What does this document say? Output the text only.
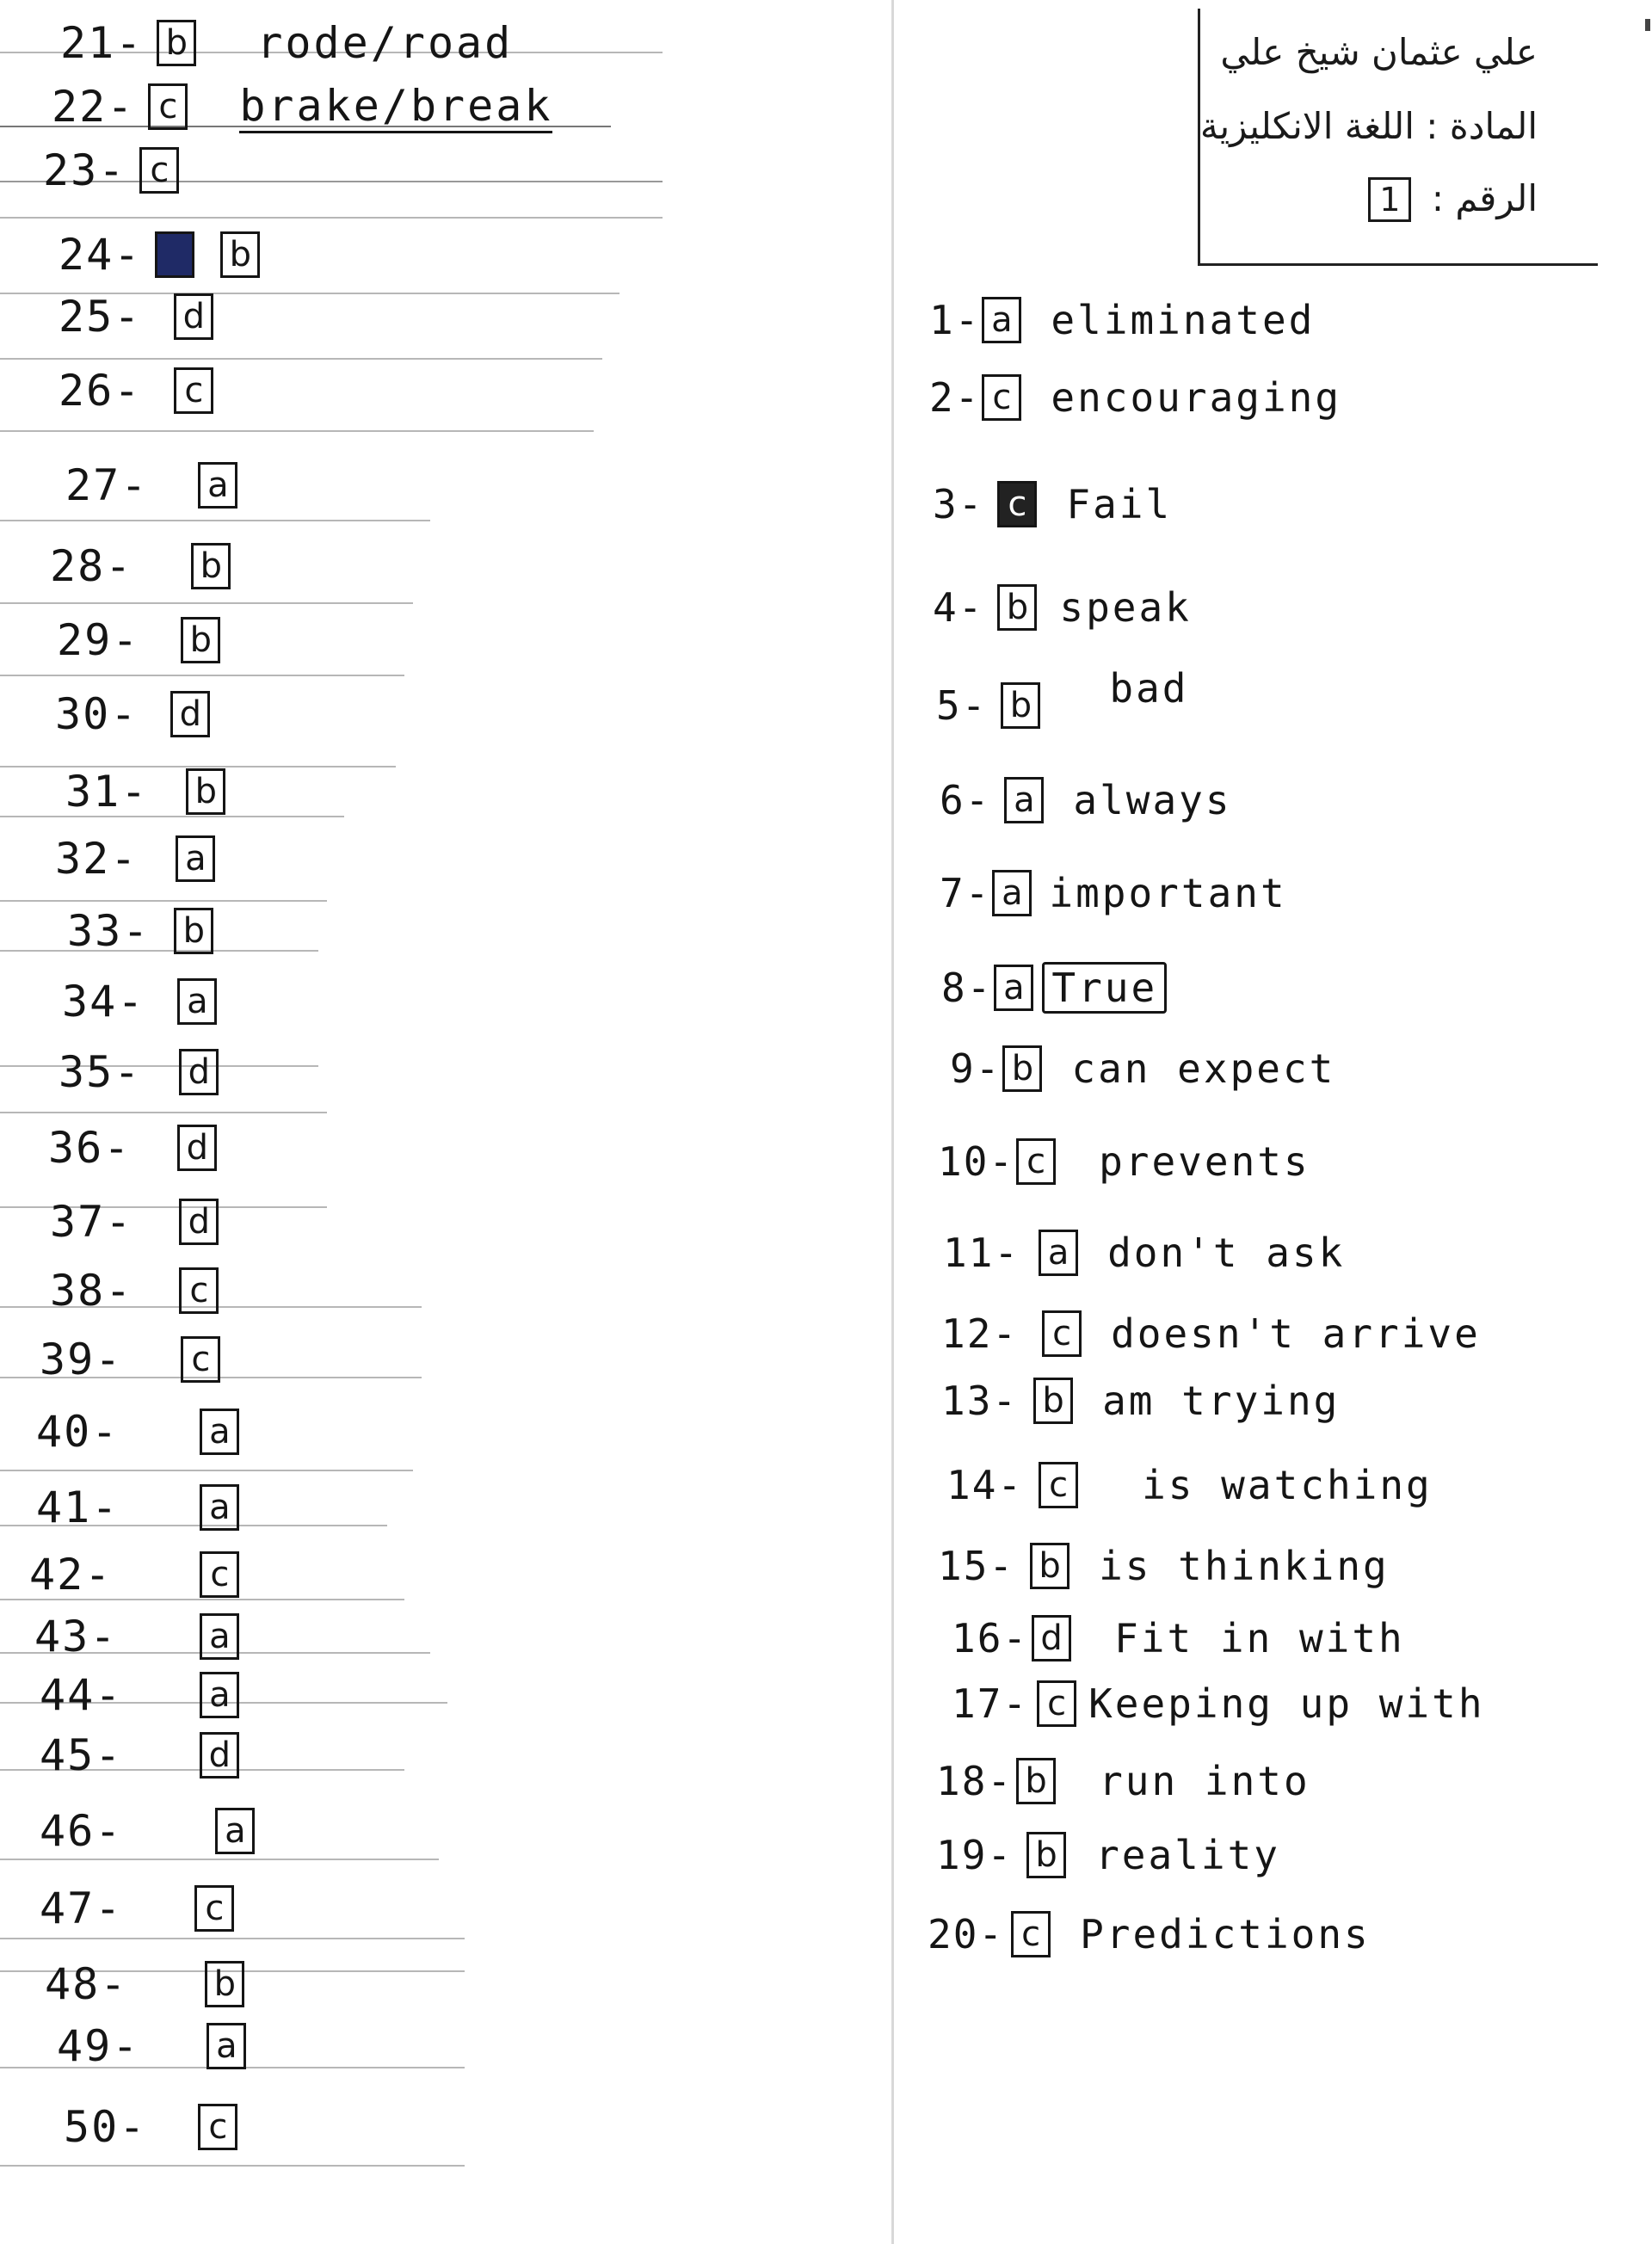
علي عثمان شيخ علي
المادة : اللغة الانكليزية
الرقم : 1
21 - b rode/road
22 - c brake/break
23 - c
24 -	b
25 - d
26 -	c
27 - a
28 - b
29 - b
30 - d
31 - b
32 - a
33 - b
34 - a
35 - d
36 - d
37 - d
38 -	c
39 -	c
40 -	a
41 -	a
42 -	c
43 -	a
44 -	a
45 -	d
46 -	a
47 -	c
48 -	b
49 - a
50 -	c
1 - a eliminated
2 - c encouraging
3 - c Fail
4 - b speak
5 - b bad
6 - a always
7 - a important
8 - a True
9 - b can expect
10 - c prevents
11 - a don't ask
12 -	c doesn't arrive
13 - b am trying
14 - c is watching
15 - b is thinking
16 - d Fit in with
17 - c Keeping up with
18 - b run into
19 - b reality
20 - c Predictions
